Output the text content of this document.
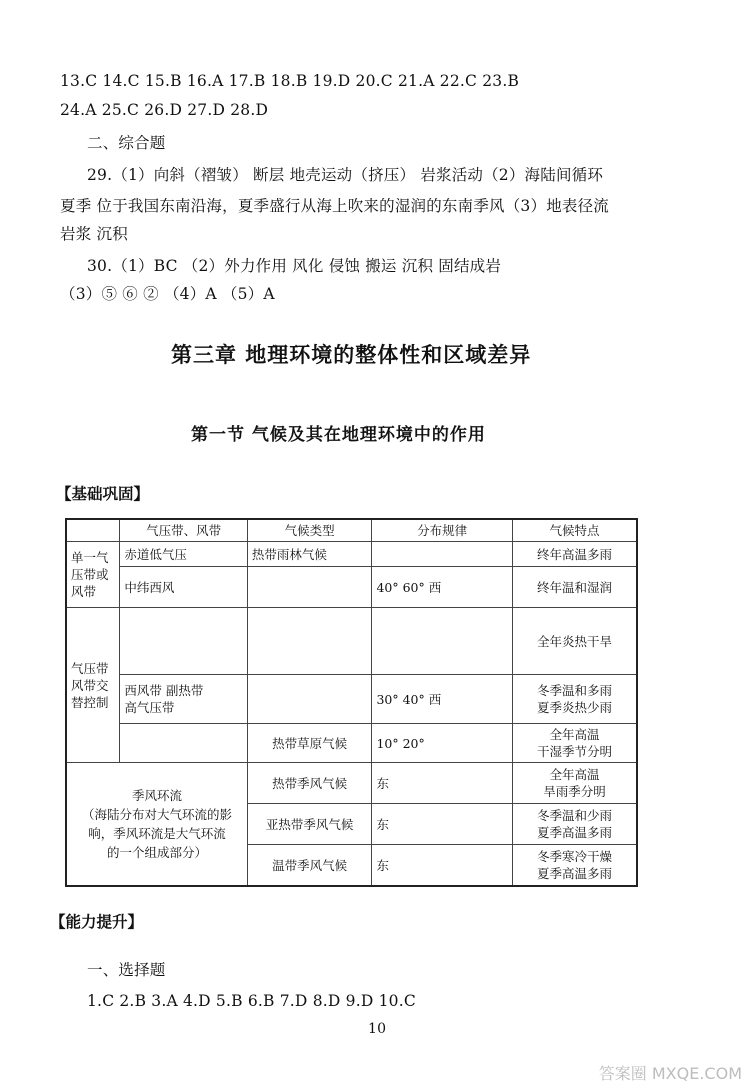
13.C 14.C 15.B 16.A 17.B 18.B 19.D 20.C 21.A 22.C 23.B
24.A 25.C 26.D 27.D 28.D
二、综合题
29.（1）向斜（褶皱） 断层 地壳运动（挤压） 岩浆活动（2）海陆间循环
夏季 位于我国东南沿海，夏季盛行从海上吹来的湿润的东南季风（3）地表径流
岩浆 沉积
30.（1）BC （2）外力作用 风化 侵蚀 搬运 沉积 固结成岩
（3）⑤ ⑥ ② （4）A （5）A
第三章 地理环境的整体性和区域差异
第一节 气候及其在地理环境中的作用
【基础巩固】
	气压带、风带	气候类型	分布规律	气候特点

单一气
压带或
风带	赤道低气压	热带雨林气候		终年高温多雨
	中纬西风		40° 60° 西	终年温和湿润

气压带
风带交
替控制				全年炎热干旱

	西风带 副热带
高气压带		30° 40° 西	冬季温和多雨
夏季炎热少雨

		热带草原气候	10° 20°	全年高温
干湿季节分明

季风环流
（海陆分布对大气环流的影
响，季风环流是大气环流
的一个组成部分）		热带季风气候	东	全年高温
旱雨季分明

		亚热带季风气候	东	冬季温和少雨
夏季高温多雨

		温带季风气候	东	冬季寒冷干燥
夏季高温多雨
【能力提升】
一、选择题
1.C 2.B 3.A 4.D 5.B 6.B 7.D 8.D 9.D 10.C
10
答案圈 MXQE.COM
